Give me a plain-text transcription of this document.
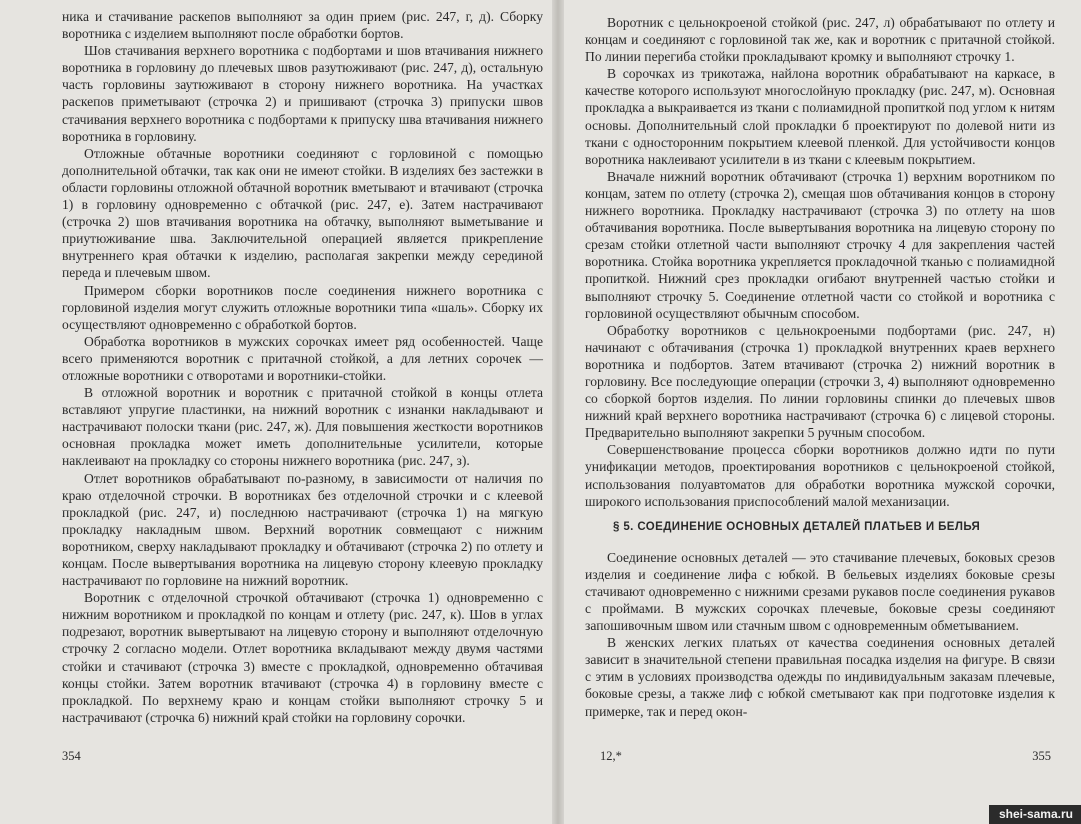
ника и стачивание раскепов выполняют за один прием (рис. 247, г, д). Сборку воротника с изделием выполняют после обработки бортов.

Шов стачивания верхнего воротника с подбортами и шов втачивания нижнего воротника в горловину до плечевых швов разутюживают (рис. 247, д), остальную часть горловины заутюживают в сторону нижнего воротника. На участках раскепов приметывают (строчка 2) и пришивают (строчка 3) припуски швов стачивания верхнего воротника с подбортами к припуску шва втачивания нижнего воротника в горловину.

Отложные обтачные воротники соединяют с горловиной с помощью дополнительной обтачки, так как они не имеют стойки. В изделиях без застежки в области горловины отложной обтачной воротник вметывают и втачивают (строчка 1) в горловину одновременно с обтачкой (рис. 247, е). Затем настрачивают (строчка 2) шов втачивания воротника на обтачку, выполняют выметывание и приутюживание шва. Заключительной операцией является прикрепление внутреннего края обтачки к изделию, располагая закрепки между серединой переда и плечевым швом.

Примером сборки воротников после соединения нижнего воротника с горловиной изделия могут служить отложные воротники типа «шаль». Сборку их осуществляют одновременно с обработкой бортов.

Обработка воротников в мужских сорочках имеет ряд особенностей. Чаще всего применяются воротник с притачной стойкой, а для летних сорочек — отложные воротники с отворотами и воротники-стойки.

В отложной воротник и воротник с притачной стойкой в концы отлета вставляют упругие пластинки, на нижний воротник с изнанки накладывают и настрачивают полоски ткани (рис. 247, ж). Для повышения жесткости воротников основная прокладка может иметь дополнительные усилители, которые наклеивают на прокладку со стороны нижнего воротника (рис. 247, з).

Отлет воротников обрабатывают по-разному, в зависимости от наличия по краю отделочной строчки. В воротниках без отделочной строчки и с клеевой прокладкой (рис. 247, и) последнюю настрачивают (строчка 1) на мягкую прокладку накладным швом. Верхний воротник совмещают с нижним воротником, сверху накладывают прокладку и обтачивают (строчка 2) по отлету и концам. После вывертывания воротника на лицевую сторону клеевую прокладку настрачивают по горловине на нижний воротник.

Воротник с отделочной строчкой обтачивают (строчка 1) одновременно с нижним воротником и прокладкой по концам и отлету (рис. 247, к). Шов в углах подрезают, воротник вывертывают на лицевую сторону и выполняют отделочную строчку 2 согласно модели. Отлет воротника вкладывают между двумя частями стойки и стачивают (строчка 3) вместе с прокладкой, одновременно обтачивая концы стойки. Затем воротник втачивают (строчка 4) в горловину вместе с прокладкой. По верхнему краю и концам стойки выполняют строчку 5 и настрачивают (строчка 6) нижний край стойки на горловину сорочки.

354

Воротник с цельнокроеной стойкой (рис. 247, л) обрабатывают по отлету и концам и соединяют с горловиной так же, как и воротник с притачной стойкой. По линии перегиба стойки прокладывают кромку и выполняют строчку 1.

В сорочках из трикотажа, найлона воротник обрабатывают на каркасе, в качестве которого используют многослойную прокладку (рис. 247, м). Основная прокладка а выкраивается из ткани с полиамидной пропиткой под углом к нитям основы. Дополнительный слой прокладки б проектируют по долевой нити из ткани с односторонним покрытием клеевой пленкой. Для устойчивости концов воротника наклеивают усилители в из ткани с клеевым покрытием.

Вначале нижний воротник обтачивают (строчка 1) верхним воротником по концам, затем по отлету (строчка 2), смещая шов обтачивания концов в сторону нижнего воротника. Прокладку настрачивают (строчка 3) по отлету на шов обтачивания воротника. После вывертывания воротника на лицевую сторону по срезам стойки отлетной части выполняют строчку 4 для закрепления частей воротника. Стойка воротника укрепляется прокладочной тканью с полиамидной пропиткой. Нижний срез прокладки огибают внутренней частью стойки и выполняют строчку 5. Соединение отлетной части со стойкой и воротника с горловиной осуществляют обычным способом.

Обработку воротников с цельнокроеными подбортами (рис. 247, н) начинают с обтачивания (строчка 1) прокладкой внутренних краев верхнего воротника и подбортов. Затем втачивают (строчка 2) нижний воротник в горловину. Все последующие операции (строчки 3, 4) выполняют одновременно со сборкой бортов изделия. По линии горловины спинки до плечевых швов нижний край верхнего воротника настрачивают (строчка 6) с лицевой стороны. Предварительно выполняют закрепки 5 ручным способом.

Совершенствование процесса сборки воротников должно идти по пути унификации методов, проектирования воротников с цельнокроеной стойкой, использования полуавтоматов для обработки воротника мужской сорочки, широкого использования приспособлений малой механизации.

§ 5. СОЕДИНЕНИЕ ОСНОВНЫХ ДЕТАЛЕЙ ПЛАТЬЕВ И БЕЛЬЯ

Соединение основных деталей — это стачивание плечевых, боковых срезов изделия и соединение лифа с юбкой. В бельевых изделиях боковые срезы стачивают одновременно с нижними срезами рукавов после соединения рукавов с проймами. В мужских сорочках плечевые, боковые срезы соединяют запошивочным швом или стачным швом с одновременным обметыванием.

В женских легких платьях от качества соединения основных деталей зависит в значительной степени правильная посадка изделия на фигуре. В связи с этим в условиях производства одежды по индивидуальным заказам плечевые, боковые срезы, а также лиф с юбкой сметывают как при подготовке изделия к примерке, так и перед окон-

355
12,*
shei-sama.ru
